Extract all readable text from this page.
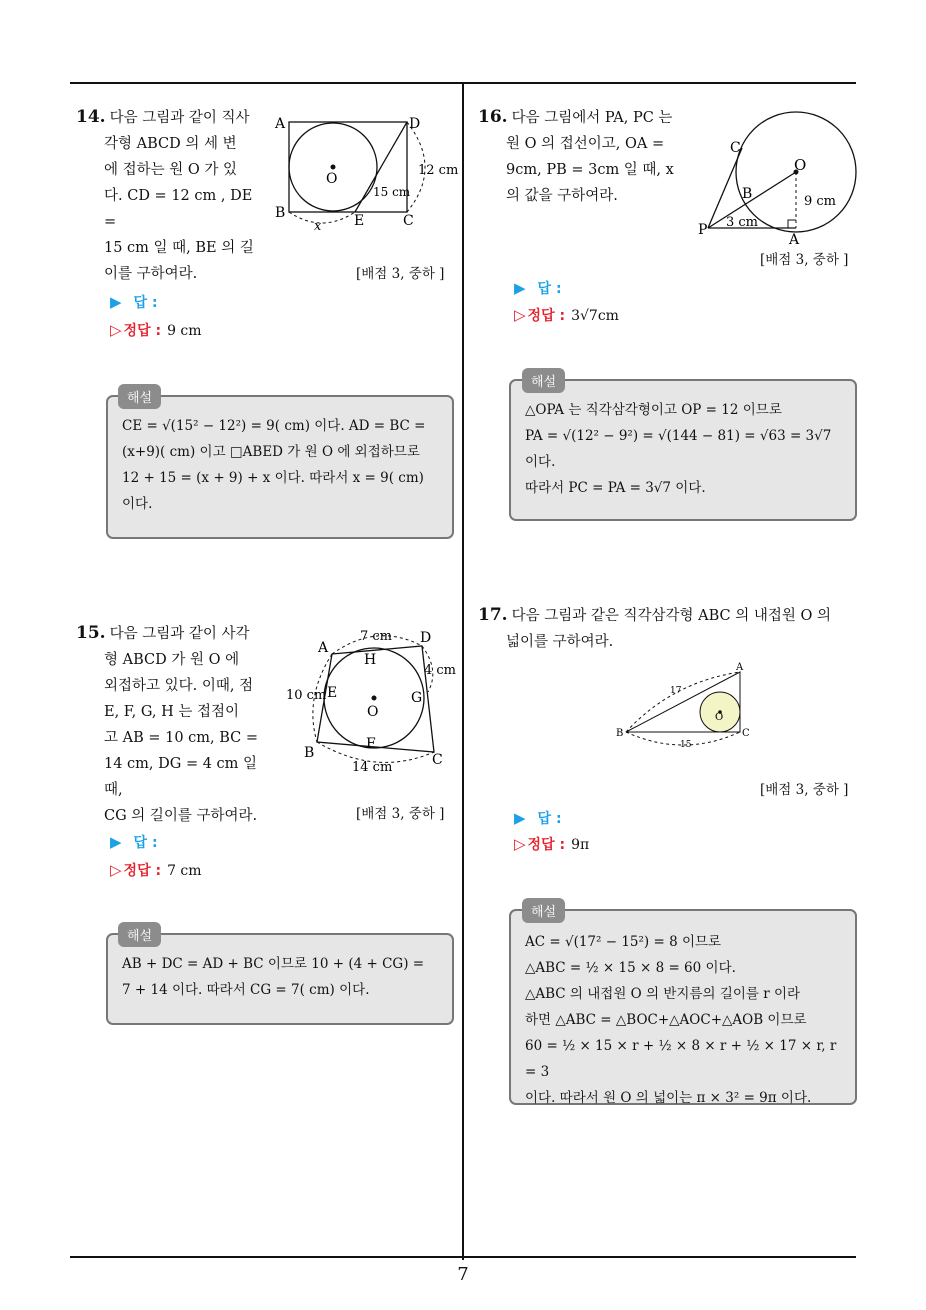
14. 다음 그림과 같이 직사
각형 ABCD 의 세 변
에 접하는 원 O 가 있
다. CD = 12 cm , DE =
15 cm 일 때, BE 의 길
이를 구하여라.
A	D
B	C
E
O
12 cm
15 cm
x
[배점 3, 중하 ]
▶ 답 :
▷ 정답 : 9 cm
CE = √(15² − 12²) = 9( cm) 이다. AD = BC =
(x+9)( cm) 이고 □ABED 가 원 O 에 외접하므로
12 + 15 = (x + 9) + x 이다. 따라서 x = 9( cm)
이다.
해설
15. 다음 그림과 같이 사각
형 ABCD 가 원 O 에
외접하고 있다. 이때, 점
E, F, G, H 는 접점이
고 AB = 10 cm, BC =
14 cm, DG = 4 cm 일 때,
CG 의 길이를 구하여라.
A
D
B	C
E
F
G
H
O
7 cm
4 cm
10 cm
14 cm
[배점 3, 중하 ]
▶ 답 :
▷ 정답 : 7 cm
AB + DC = AD + BC 이므로 10 + (4 + CG) =
7 + 14 이다. 따라서 CG = 7( cm) 이다.
해설
16. 다음 그림에서 PA, PC 는
원 O 의 접선이고, OA =
9cm, PB = 3cm 일 때, x
의 값을 구하여라.
C
O
B
P
A
9 cm
3 cm
[배점 3, 중하 ]
▶ 답 :
▷ 정답 : 3√7cm
△OPA 는 직각삼각형이고 OP = 12 이므로
PA = √(12² − 9²) = √(144 − 81) = √63 = 3√7
이다.
따라서 PC = PA = 3√7 이다.
해설
17. 다음 그림과 같은 직각삼각형 ABC 의 내접원 O 의
넓이를 구하여라.
A
B	C
O
17
15
[배점 3, 중하 ]
▶ 답 :
▷ 정답 : 9π
AC = √(17² − 15²) = 8 이므로
△ABC = ½ × 15 × 8 = 60 이다.
△ABC 의 내접원 O 의 반지름의 길이를 r 이라
하면 △ABC = △BOC+△AOC+△AOB 이므로
60 = ½ × 15 × r + ½ × 8 × r + ½ × 17 × r, r = 3
이다. 따라서 원 O 의 넓이는 π × 3² = 9π 이다.
해설
7
